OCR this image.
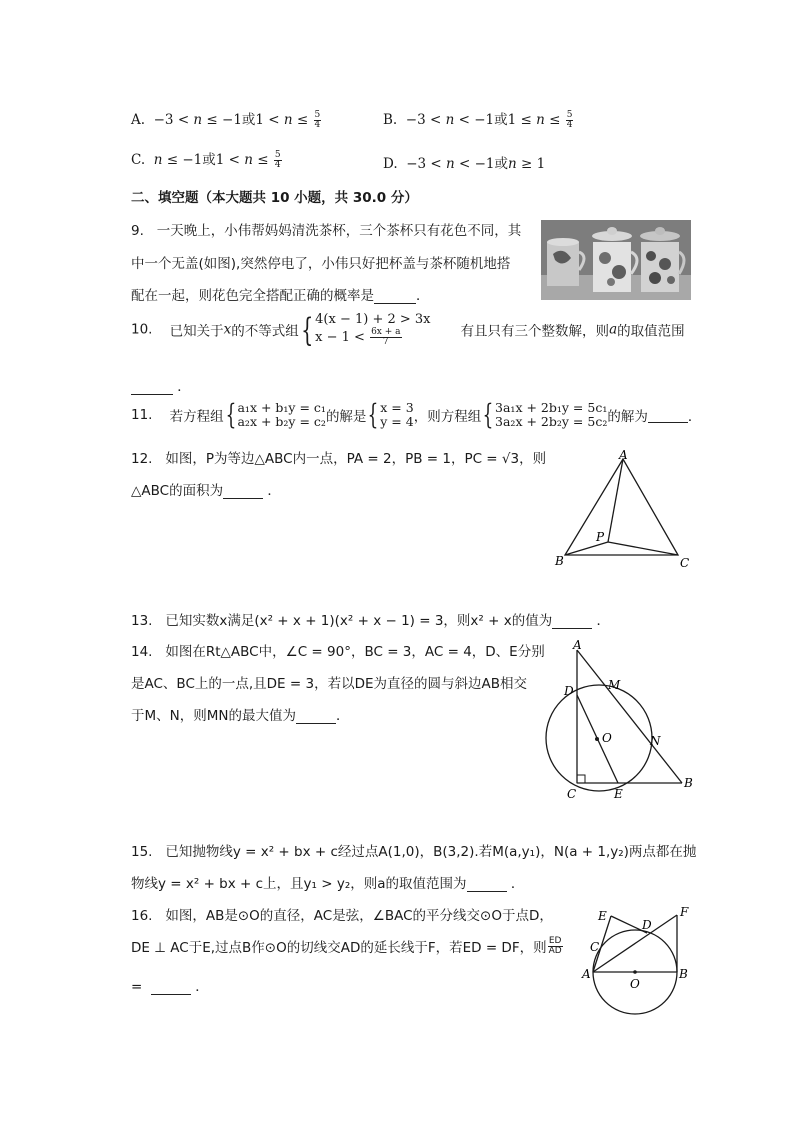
A.  −3 < n ≤ −1或$1 < n \le \frac{5}{4}$	B.  −3 < n < −1或$1 \le n \le \frac{5}{4}$
C.  n ≤ −1或$1 < n \le \frac{5}{4}$	D.  −3 < n < −1或n ≥ 1
二、填空题（本大题共 10 小题，共 30.0 分）
9. 一天晚上，小伟帮妈妈清洗茶杯，三个茶杯只有花色不同，其
中一个无盖(如图),突然停电了，小伟只好把杯盖与茶杯随机地搭
配在一起，则花色完全搭配正确的概率是	．
10. 已知关于x的不等式组{ 4(x − 1) + 2 > 3x
$x - 1 < \frac{6x + a}{7}$	有且只有三个整数解，则a的取值范围
．
11. 若方程组{ a₁x + b₁y = c₁
a₂x + b₂y = c₂的解是{ x = 3
y = 4，则方程组{ 3a₁x + 2b₁y = 5c₁
3a₂x + 2b₂y = 5c₂的解为	．
12. 如图，P为等边△ABC内一点，PA = 2，PB = 1，PC = √3，则
△ABC的面积为	．
A
B	C
P
13. 已知实数x满足(x² + x + 1)(x² + x − 1) = 3，则x² + x的值为	．
14. 如图在Rt△ABC中，∠C = 90°，BC = 3，AC = 4，D、E分别
是AC、BC上的一点,且DE = 3，若以DE为直径的圆与斜边AB相交
于M、N，则MN的最大值为	．
A
D	M
O	N
B
C	E
15. 已知抛物线y = x² + bx + c经过点A(1,0)，B(3,2).若M(a,y₁)，N(a + 1,y₂)两点都在抛
物线y = x² + bx + c上，且y₁ > y₂，则a的取值范围为	．
16. 如图，AB是⊙O的直径，AC是弦，∠BAC的平分线交⊙O于点D，
DE ⊥ AC于E,过点B作⊙O的切线交AD的延长线于F，若ED = DF，则 $\frac{ED}{AD}$
=	．
E
D
F
C
A	B
O
